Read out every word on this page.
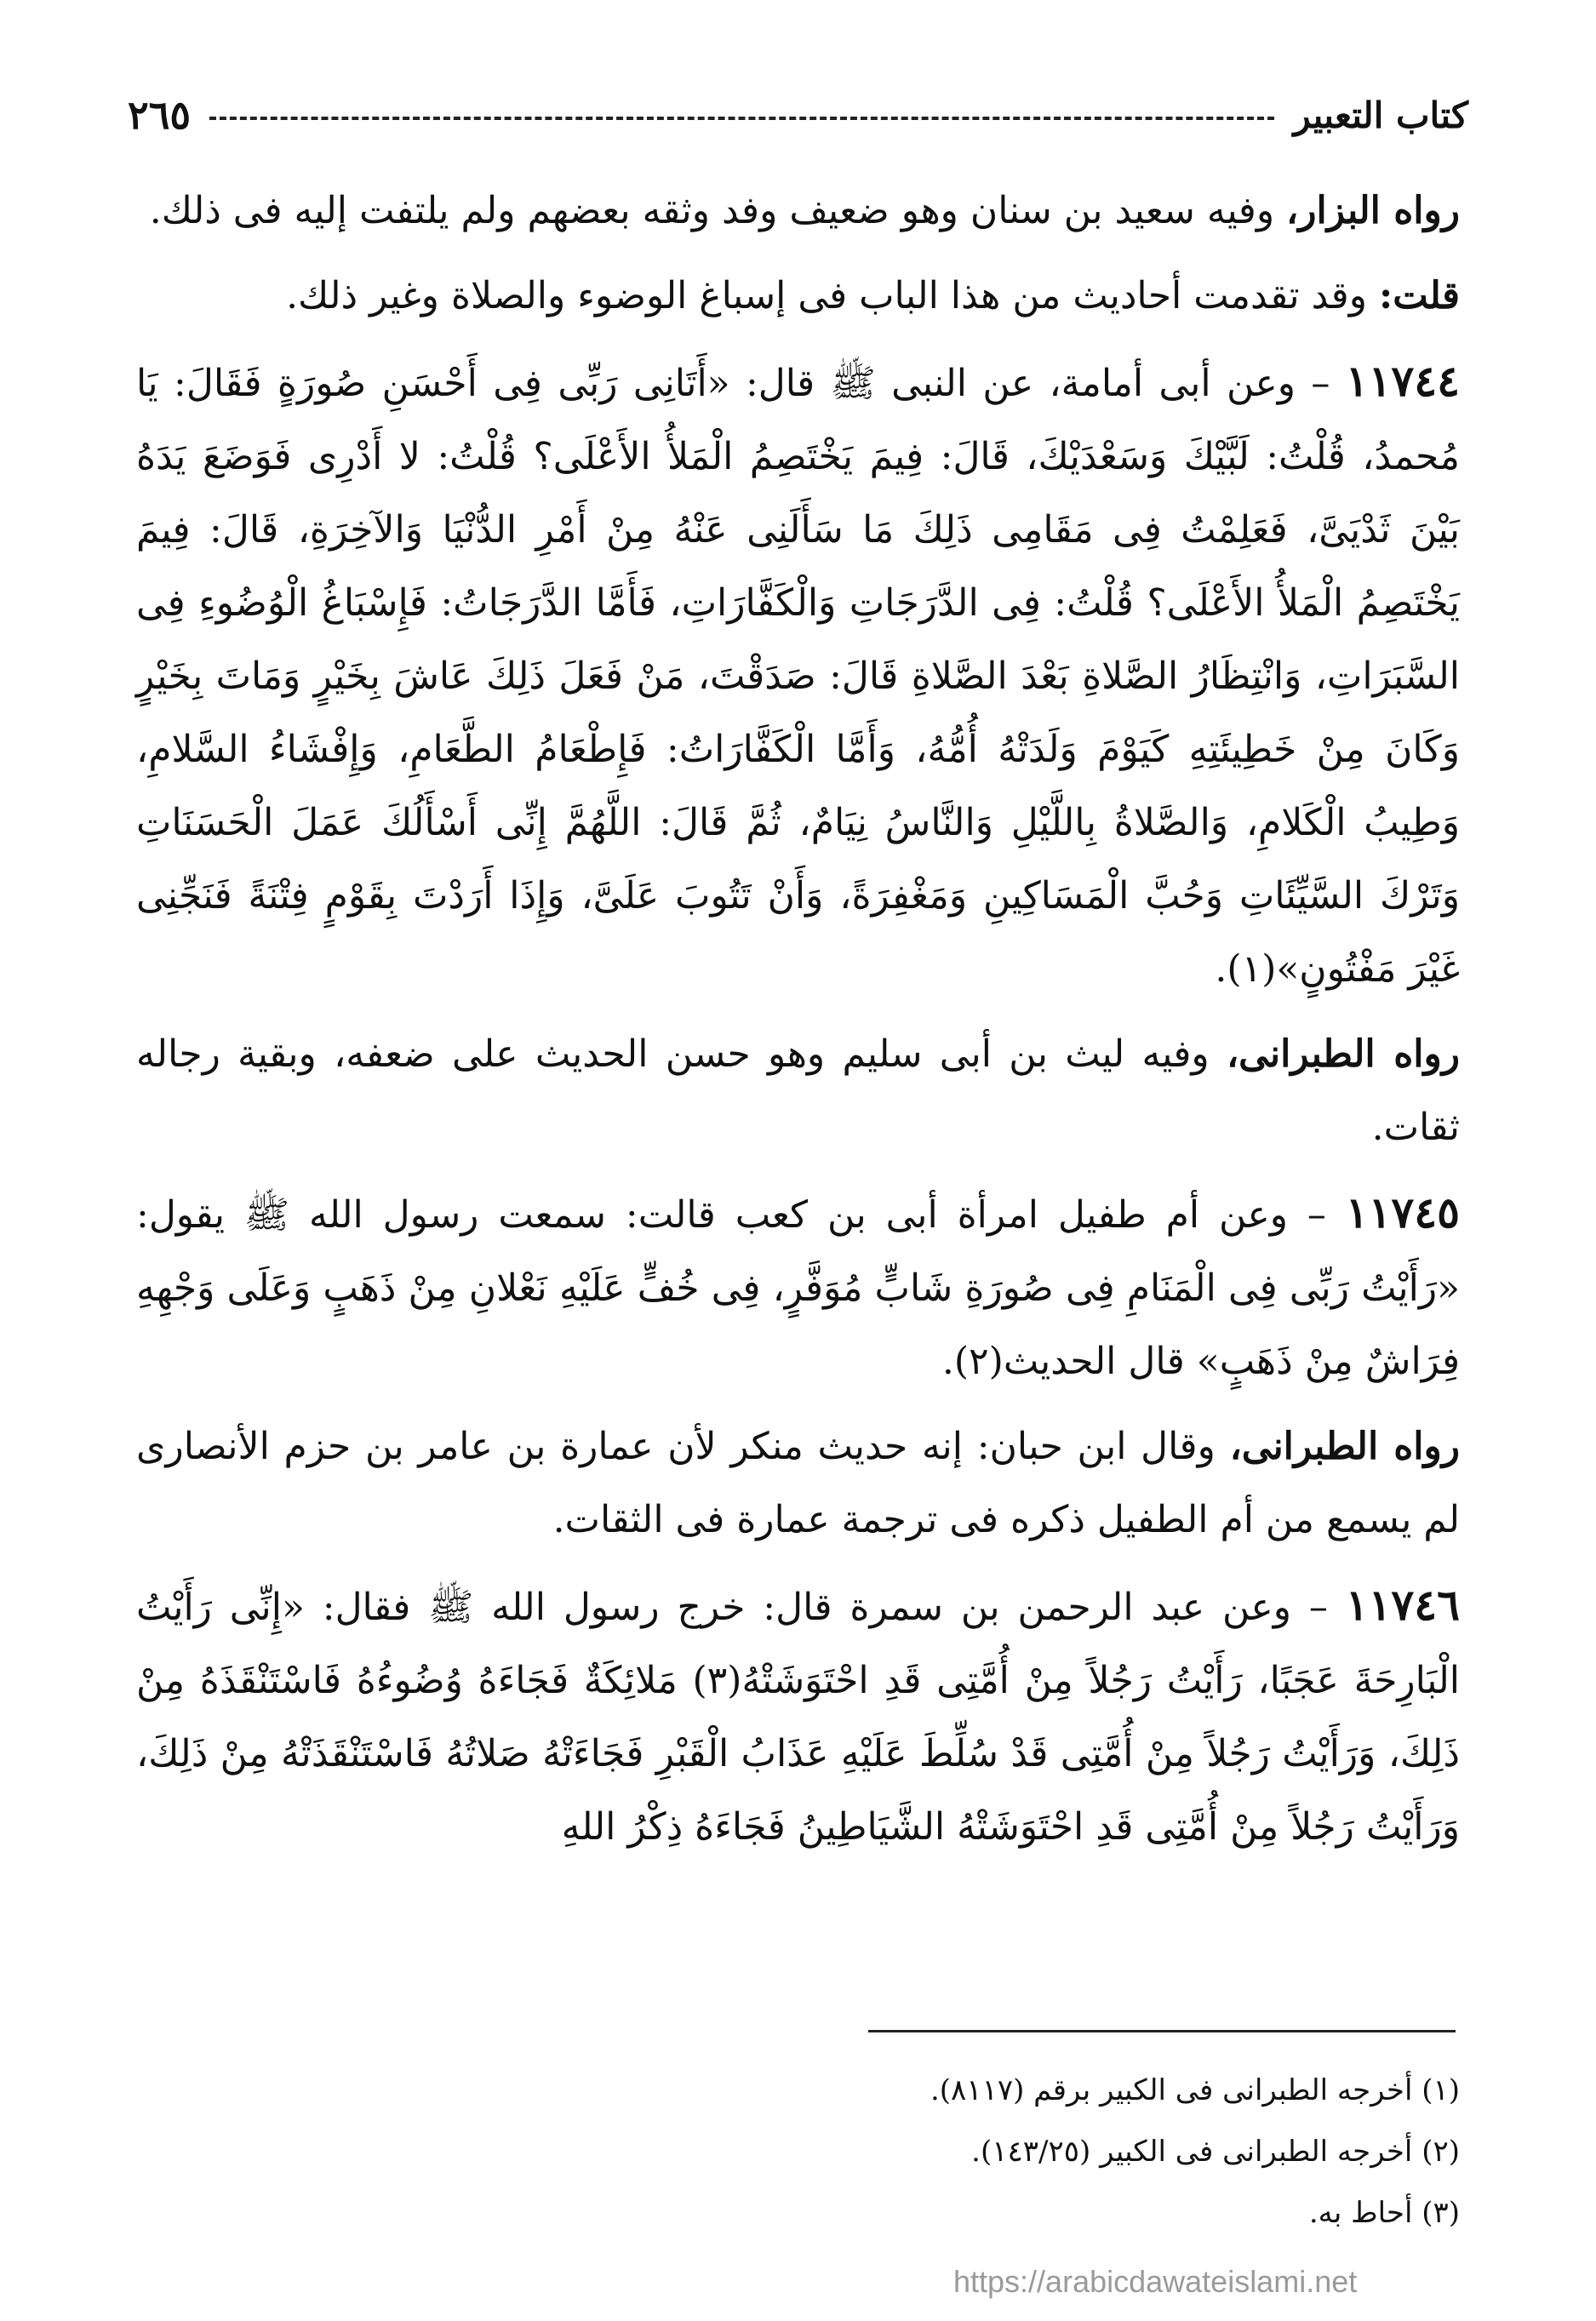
كتاب التعبير
٢٦٥

رواه البزار، وفيه سعيد بن سنان وهو ضعيف وفد وثقه بعضهم ولم يلتفت إليه فى ذلك.

قلت: وقد تقدمت أحاديث من هذا الباب فى إسباغ الوضوء والصلاة وغير ذلك.

١١٧٤٤ – وعن أبى أمامة، عن النبى ﷺ قال: «أَتَانِى رَبِّى فِى أَحْسَنِ صُورَةٍ فَقَالَ: يَا مُحمدُ، قُلْتُ: لَبَّيْكَ وَسَعْدَيْكَ، قَالَ: فِيمَ يَخْتَصِمُ الْمَلأُ الأَعْلَى؟ قُلْتُ: لا أَدْرِى فَوَضَعَ يَدَهُ بَيْنَ ثَدْيَىَّ، فَعَلِمْتُ فِى مَقَامِى ذَلِكَ مَا سَأَلَنِى عَنْهُ مِنْ أَمْرِ الدُّنْيَا وَالآخِرَةِ، قَالَ: فِيمَ يَخْتَصِمُ الْمَلأُ الأَعْلَى؟ قُلْتُ: فِى الدَّرَجَاتِ وَالْكَفَّارَاتِ، فَأَمَّا الدَّرَجَاتُ: فَإِسْبَاغُ الْوُضُوءِ فِى السَّبَرَاتِ، وَانْتِظَارُ الصَّلاةِ بَعْدَ الصَّلاةِ قَالَ: صَدَقْتَ، مَنْ فَعَلَ ذَلِكَ عَاشَ بِخَيْرٍ وَمَاتَ بِخَيْرٍ وَكَانَ مِنْ خَطِيئَتِهِ كَيَوْمَ وَلَدَتْهُ أُمُّهُ، وَأَمَّا الْكَفَّارَاتُ: فَإِطْعَامُ الطَّعَامِ، وَإِفْشَاءُ السَّلامِ، وَطِيبُ الْكَلامِ، وَالصَّلاةُ بِاللَّيْلِ وَالنَّاسُ نِيَامٌ، ثُمَّ قَالَ: اللَّهُمَّ إِنِّى أَسْأَلُكَ عَمَلَ الْحَسَنَاتِ وَتَرْكَ السَّيِّئَاتِ وَحُبَّ الْمَسَاكِينِ وَمَغْفِرَةً، وَأَنْ تَتُوبَ عَلَىَّ، وَإِذَا أَرَدْتَ بِقَوْمٍ فِتْنَةً فَنَجِّنِى غَيْرَ مَفْتُونٍ»(١).

رواه الطبرانى، وفيه ليث بن أبى سليم وهو حسن الحديث على ضعفه، وبقية رجاله ثقات.

١١٧٤٥ – وعن أم طفيل امرأة أبى بن كعب قالت: سمعت رسول الله ﷺ يقول: «رَأَيْتُ رَبِّى فِى الْمَنَامِ فِى صُورَةِ شَابٍّ مُوَفَّرٍ، فِى خُفٍّ عَلَيْهِ نَعْلانِ مِنْ ذَهَبٍ وَعَلَى وَجْهِهِ فِرَاشٌ مِنْ ذَهَبٍ» قال الحديث(٢).

رواه الطبرانى، وقال ابن حبان: إنه حديث منكر لأن عمارة بن عامر بن حزم الأنصارى لم يسمع من أم الطفيل ذكره فى ترجمة عمارة فى الثقات.

١١٧٤٦ – وعن عبد الرحمن بن سمرة قال: خرج رسول الله ﷺ فقال: «إِنِّى رَأَيْتُ الْبَارِحَةَ عَجَبًا، رَأَيْتُ رَجُلاً مِنْ أُمَّتِى قَدِ احْتَوَشَتْهُ(٣) مَلائِكَةٌ فَجَاءَهُ وُضُوءُهُ فَاسْتَنْقَذَهُ مِنْ ذَلِكَ، وَرَأَيْتُ رَجُلاً مِنْ أُمَّتِى قَدْ سُلِّطَ عَلَيْهِ عَذَابُ الْقَبْرِ فَجَاءَتْهُ صَلاتُهُ فَاسْتَنْقَذَتْهُ مِنْ ذَلِكَ، وَرَأَيْتُ رَجُلاً مِنْ أُمَّتِى قَدِ احْتَوَشَتْهُ الشَّيَاطِينُ فَجَاءَهُ ذِكْرُ اللهِ

(١) أخرجه الطبرانى فى الكبير برقم (٨١١٧).
(٢) أخرجه الطبرانى فى الكبير (١٤٣/٢٥).
(٣) أحاط به.
https://arabicdawateislami.net
